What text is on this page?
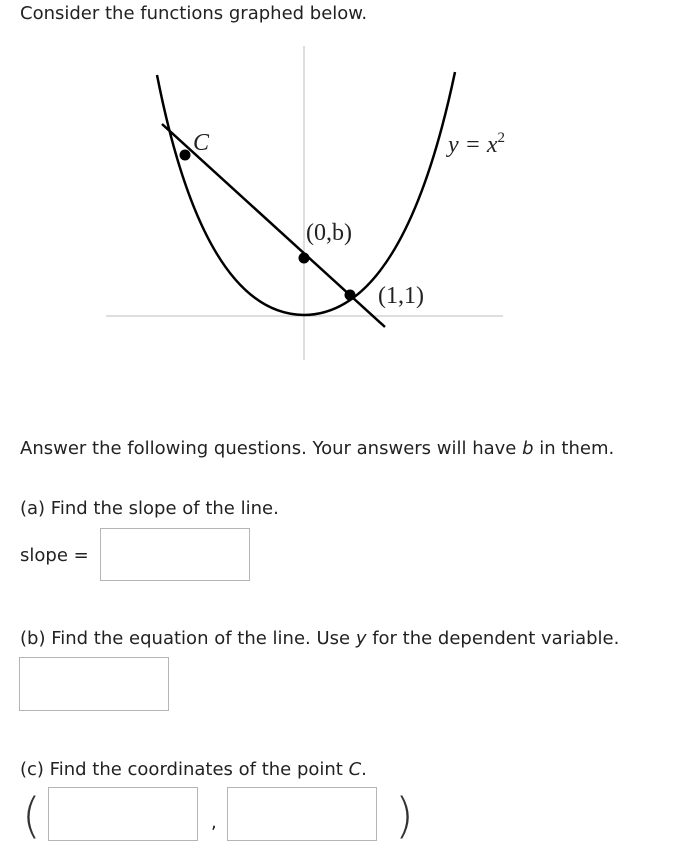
Consider the functions graphed below.
C
(0,b)
(1,1)
$y = x^2$
Answer the following questions. Your answers will have b in them.
(a) Find the slope of the line.
slope =
(b) Find the equation of the line. Use y for the dependent variable.
(c) Find the coordinates of the point C.
(	,	)
